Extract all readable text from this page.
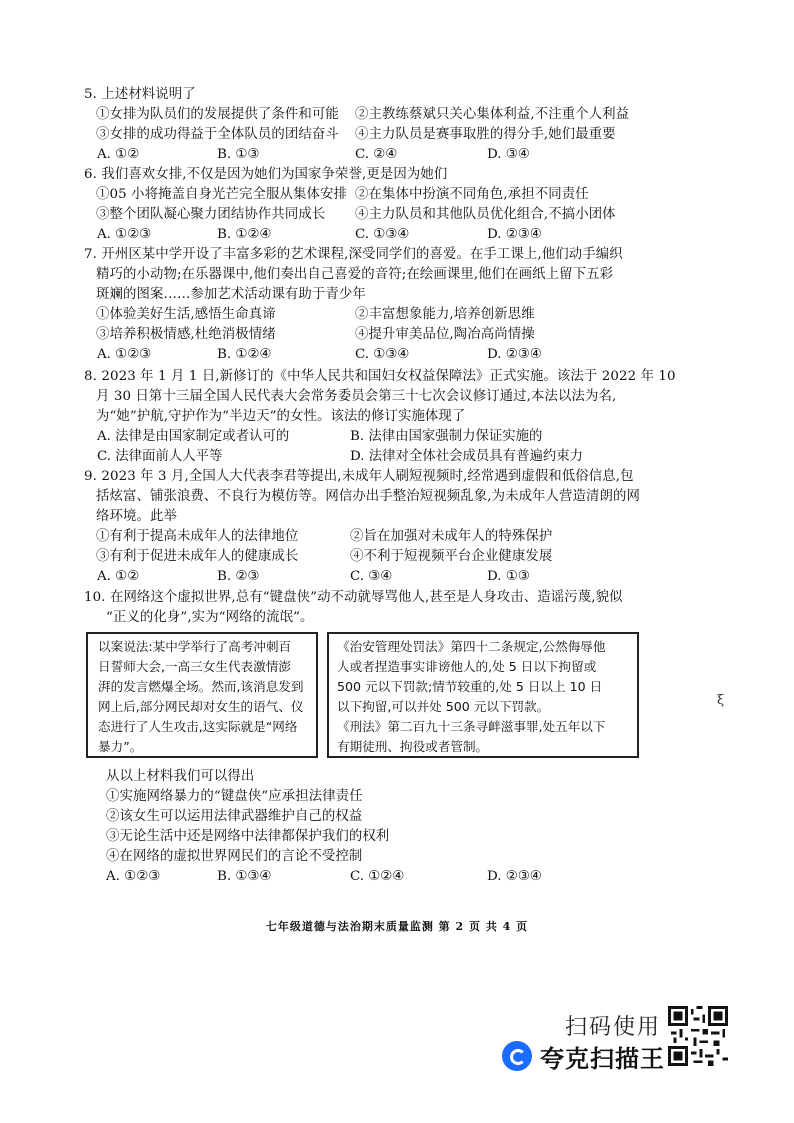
5. 上述材料说明了
①女排为队员们的发展提供了条件和可能 ②主教练蔡斌只关心集体利益,不注重个人利益
③女排的成功得益于全体队员的团结奋斗 ④主力队员是赛事取胜的得分手,她们最重要
A. ①②	B. ①③	C. ②④	D. ③④
6. 我们喜欢女排,不仅是因为她们为国家争荣誉,更是因为她们
①05 小将掩盖自身光芒完全服从集体安排 ②在集体中扮演不同角色,承担不同责任
③整个团队凝心聚力团结协作共同成长 ④主力队员和其他队员优化组合,不搞小团体
A. ①②③	B. ①②④	C. ①③④	D. ②③④
7. 开州区某中学开设了丰富多彩的艺术课程,深受同学们的喜爱。在手工课上,他们动手编织
精巧的小动物;在乐器课中,他们奏出自己喜爱的音符;在绘画课里,他们在画纸上留下五彩
斑斓的图案……参加艺术活动课有助于青少年
①体验美好生活,感悟生命真谛	②丰富想象能力,培养创新思维
③培养积极情感,杜绝消极情绪	④提升审美品位,陶冶高尚情操
A. ①②③	B. ①②④	C. ①③④	D. ②③④
8. 2023 年 1 月 1 日,新修订的《中华人民共和国妇女权益保障法》正式实施。该法于 2022 年 10
月 30 日第十三届全国人民代表大会常务委员会第三十七次会议修订通过,本法以法为名,
为“她”护航,守护作为“半边天”的女性。该法的修订实施体现了
A. 法律是由国家制定或者认可的	B. 法律由国家强制力保证实施的
C. 法律面前人人平等	D. 法律对全体社会成员具有普遍约束力
9. 2023 年 3 月,全国人大代表李君等提出,未成年人刷短视频时,经常遇到虚假和低俗信息,包
括炫富、铺张浪费、不良行为模仿等。网信办出手整治短视频乱象,为未成年人营造清朗的网
络环境。此举
①有利于提高未成年人的法律地位	②旨在加强对未成年人的特殊保护
③有利于促进未成年人的健康成长	④不利于短视频平台企业健康发展
A. ①②	B. ②③	C. ③④	D. ①③
10. 在网络这个虚拟世界,总有“键盘侠”动不动就辱骂他人,甚至是人身攻击、造谣污蔑,貌似
“正义的化身”,实为“网络的流氓”。
以案说法:某中学举行了高考冲刺百
日誓师大会,一高三女生代表激情澎
湃的发言燃爆全场。然而,该消息发到
网上后,部分网民却对女生的语气、仪
态进行了人生攻击,这实际就是“网络
暴力”。
《治安管理处罚法》第四十二条规定,公然侮辱他
人或者捏造事实诽谤他人的,处 5 日以下拘留或
500 元以下罚款;情节较重的,处 5 日以上 10 日
以下拘留,可以并处 500 元以下罚款。
《刑法》第二百九十三条寻衅滋事罪,处五年以下
有期徒刑、拘役或者管制。
从以上材料我们可以得出
①实施网络暴力的“键盘侠”应承担法律责任
②该女生可以运用法律武器维护自己的权益
③无论生活中还是网络中法律都保护我们的权利
④在网络的虚拟世界网民们的言论不受控制
A. ①②③	B. ①③④	C. ①②④	D. ②③④
ξ
七年级道德与法治期末质量监测 第 2 页 共 4 页
扫码使用
夸克扫描王
